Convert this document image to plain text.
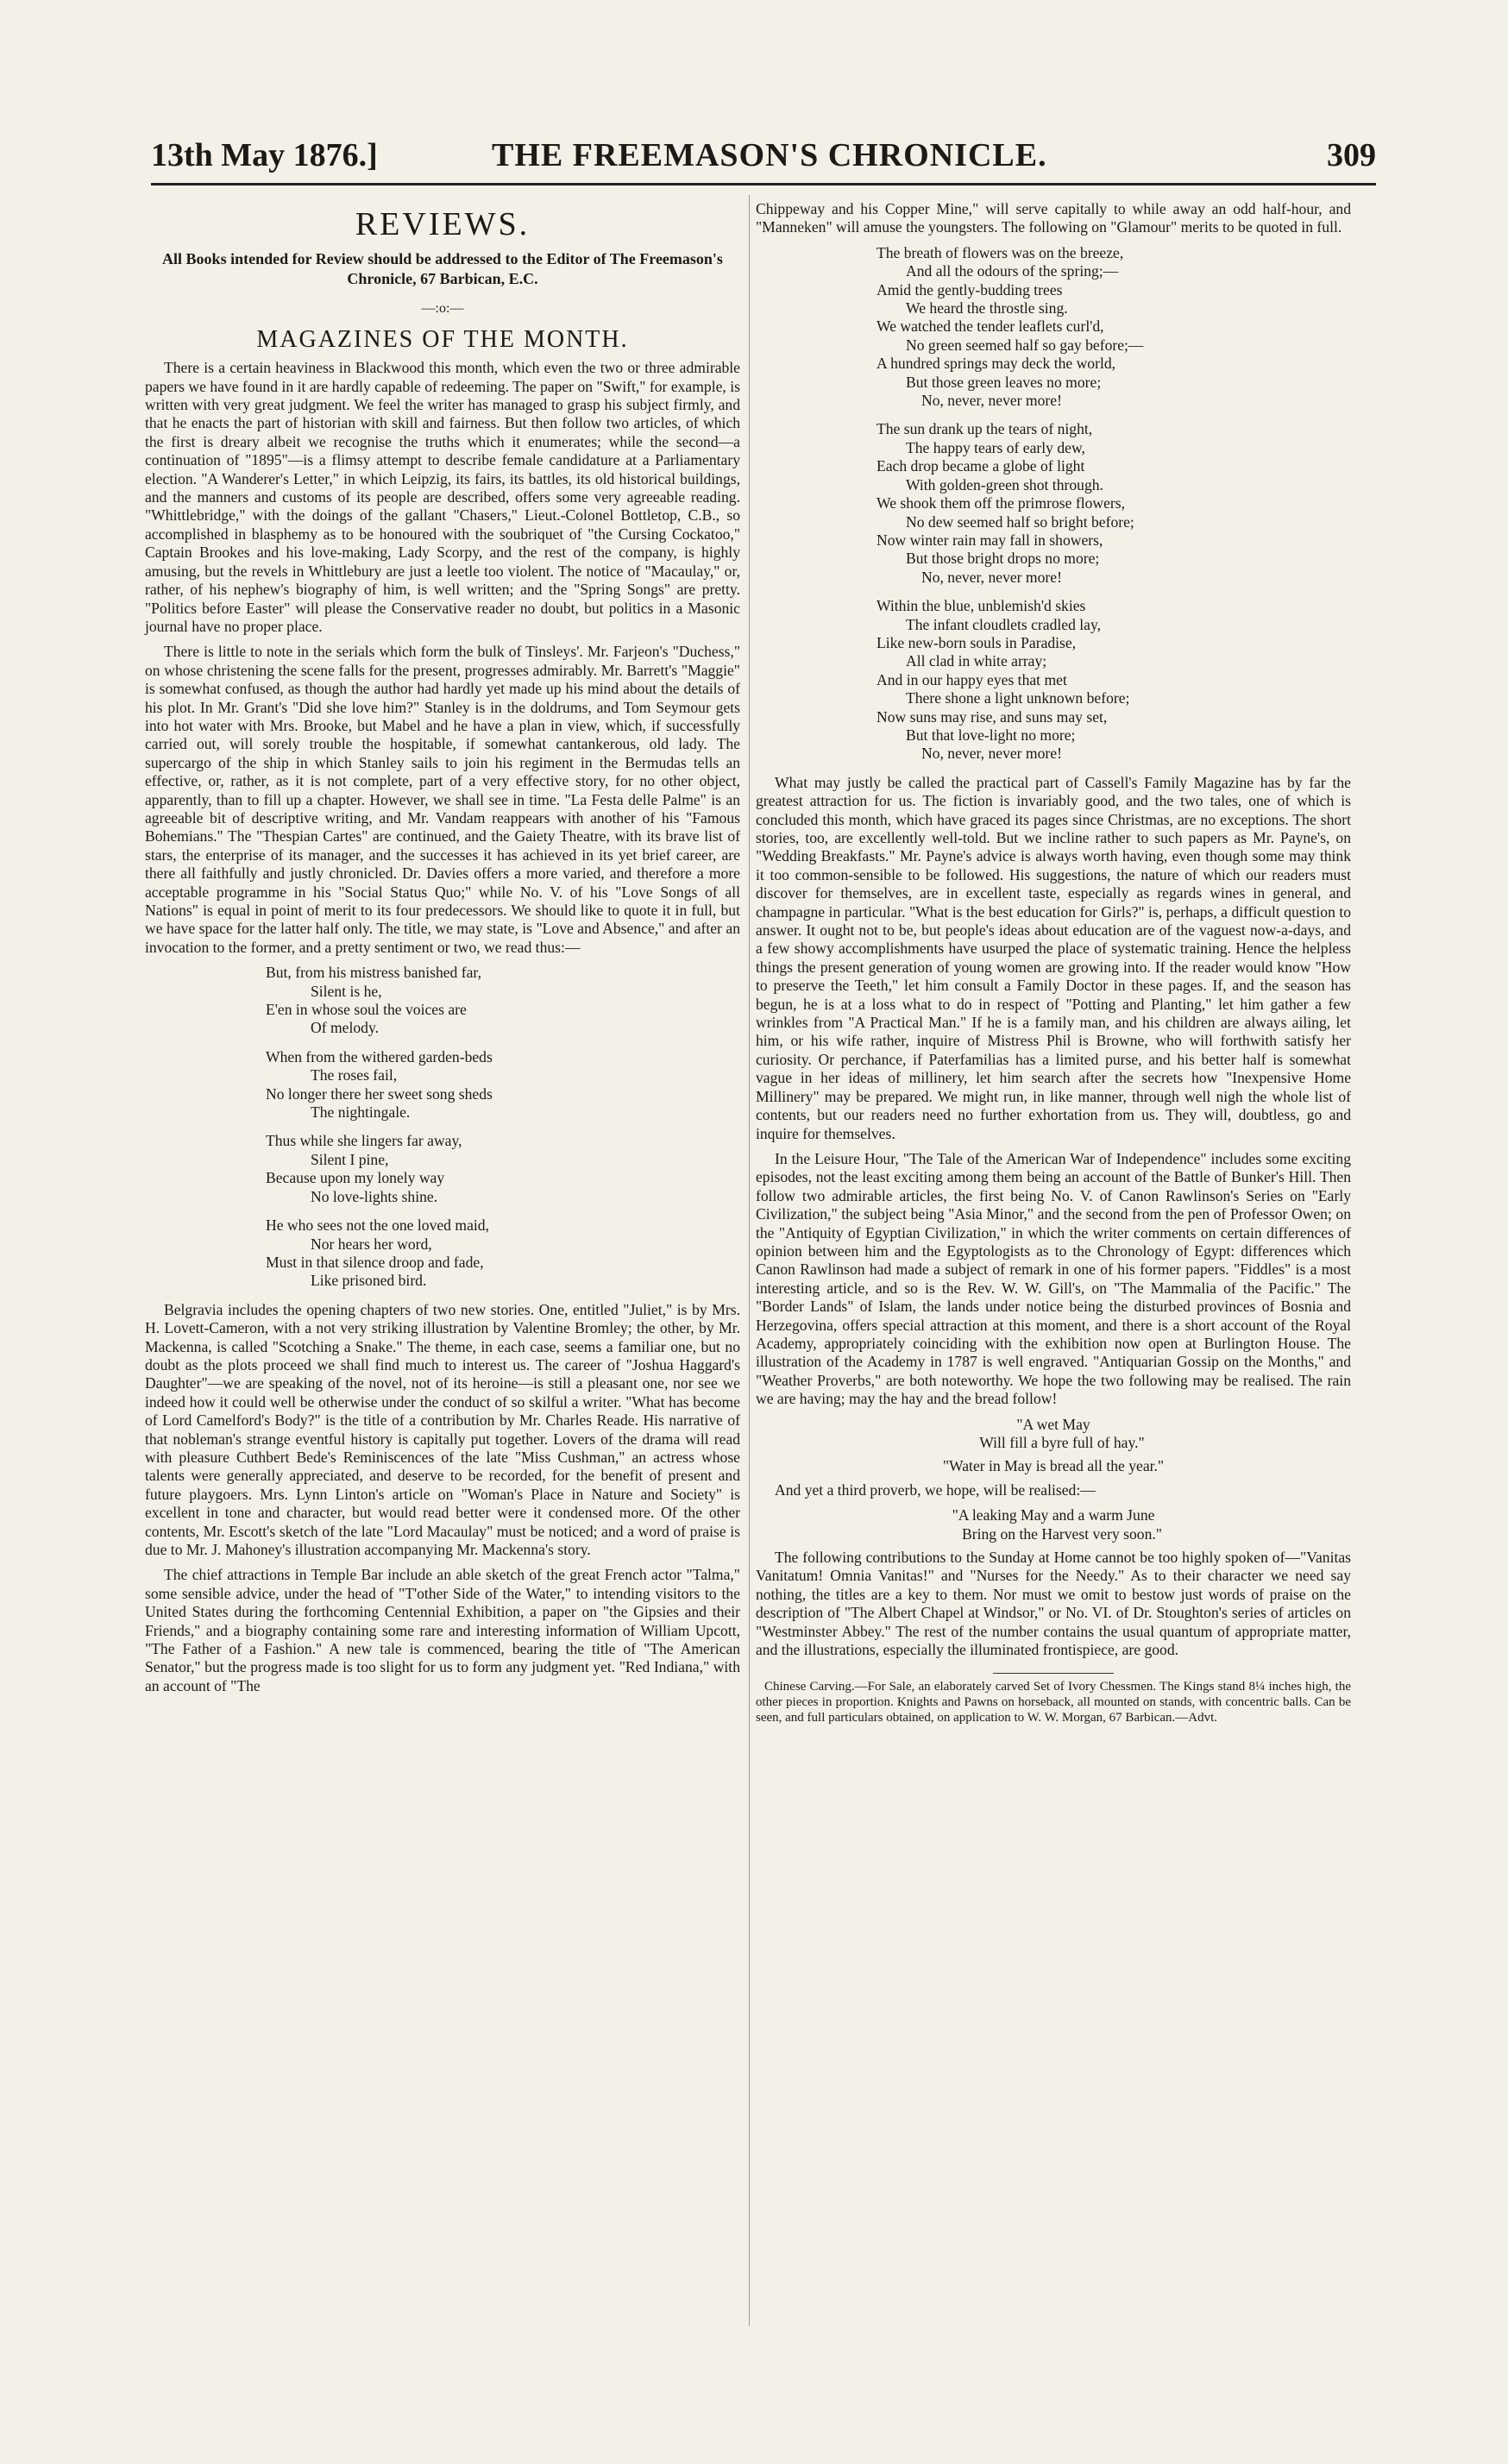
13th May 1876.]	THE FREEMASON'S CHRONICLE.	309
REVIEWS.
All Books intended for Review should be addressed to the Editor of The Freemason's Chronicle, 67 Barbican, E.C.
—:o:—
MAGAZINES OF THE MONTH.

There is a certain heaviness in Blackwood this month, which even the two or three admirable papers we have found in it are hardly capable of redeeming. The paper on "Swift," for example, is written with very great judgment. We feel the writer has managed to grasp his subject firmly, and that he enacts the part of historian with skill and fairness. But then follow two articles, of which the first is dreary albeit we recognise the truths which it enumerates; while the second—a continuation of "1895"—is a flimsy attempt to describe female candidature at a Parliamentary election. "A Wanderer's Letter," in which Leipzig, its fairs, its battles, its old historical buildings, and the manners and customs of its people are described, offers some very agreeable reading. "Whittlebridge," with the doings of the gallant "Chasers," Lieut.-Colonel Bottletop, C.B., so accomplished in blasphemy as to be honoured with the soubriquet of "the Cursing Cockatoo," Captain Brookes and his love-making, Lady Scorpy, and the rest of the company, is highly amusing, but the revels in Whittlebury are just a leetle too violent. The notice of "Macaulay," or, rather, of his nephew's biography of him, is well written; and the "Spring Songs" are pretty. "Politics before Easter" will please the Conservative reader no doubt, but politics in a Masonic journal have no proper place.

There is little to note in the serials which form the bulk of Tinsleys'. Mr. Farjeon's "Duchess," on whose christening the scene falls for the present, progresses admirably. Mr. Barrett's "Maggie" is somewhat confused, as though the author had hardly yet made up his mind about the details of his plot. In Mr. Grant's "Did she love him?" Stanley is in the doldrums, and Tom Seymour gets into hot water with Mrs. Brooke, but Mabel and he have a plan in view, which, if successfully carried out, will sorely trouble the hospitable, if somewhat cantankerous, old lady. The supercargo of the ship in which Stanley sails to join his regiment in the Bermudas tells an effective, or, rather, as it is not complete, part of a very effective story, for no other object, apparently, than to fill up a chapter. However, we shall see in time. "La Festa delle Palme" is an agreeable bit of descriptive writing, and Mr. Vandam reappears with another of his "Famous Bohemians." The "Thespian Cartes" are continued, and the Gaiety Theatre, with its brave list of stars, the enterprise of its manager, and the successes it has achieved in its yet brief career, are there all faithfully and justly chronicled. Dr. Davies offers a more varied, and therefore a more acceptable programme in his "Social Status Quo;" while No. V. of his "Love Songs of all Nations" is equal in point of merit to its four predecessors. We should like to quote it in full, but we have space for the latter half only. The title, we may state, is "Love and Absence," and after an invocation to the former, and a pretty sentiment or two, we read thus:—

But, from his mistress banished far,
Silent is he,
E'en in whose soul the voices are
Of melody.
When from the withered garden-beds
The roses fail,
No longer there her sweet song sheds
The nightingale.
Thus while she lingers far away,
Silent I pine,
Because upon my lonely way
No love-lights shine.
He who sees not the one loved maid,
Nor hears her word,
Must in that silence droop and fade,
Like prisoned bird.

Belgravia includes the opening chapters of two new stories. One, entitled "Juliet," is by Mrs. H. Lovett-Cameron, with a not very striking illustration by Valentine Bromley; the other, by Mr. Mackenna, is called "Scotching a Snake." The theme, in each case, seems a familiar one, but no doubt as the plots proceed we shall find much to interest us. The career of "Joshua Haggard's Daughter"—we are speaking of the novel, not of its heroine—is still a pleasant one, nor see we indeed how it could well be otherwise under the conduct of so skilful a writer. "What has become of Lord Camelford's Body?" is the title of a contribution by Mr. Charles Reade. His narrative of that nobleman's strange eventful history is capitally put together. Lovers of the drama will read with pleasure Cuthbert Bede's Reminiscences of the late "Miss Cushman," an actress whose talents were generally appreciated, and deserve to be recorded, for the benefit of present and future playgoers. Mrs. Lynn Linton's article on "Woman's Place in Nature and Society" is excellent in tone and character, but would read better were it condensed more. Of the other contents, Mr. Escott's sketch of the late "Lord Macaulay" must be noticed; and a word of praise is due to Mr. J. Mahoney's illustration accompanying Mr. Mackenna's story.

The chief attractions in Temple Bar include an able sketch of the great French actor "Talma," some sensible advice, under the head of "T'other Side of the Water," to intending visitors to the United States during the forthcoming Centennial Exhibition, a paper on "the Gipsies and their Friends," and a biography containing some rare and interesting information of William Upcott, "The Father of a Fashion." A new tale is commenced, bearing the title of "The American Senator," but the progress made is too slight for us to form any judgment yet. "Red Indiana," with an account of "The

Chippeway and his Copper Mine," will serve capitally to while away an odd half-hour, and "Manneken" will amuse the youngsters. The following on "Glamour" merits to be quoted in full.

The breath of flowers was on the breeze,
And all the odours of the spring;—
Amid the gently-budding trees
We heard the throstle sing.
We watched the tender leaflets curl'd,
No green seemed half so gay before;—
A hundred springs may deck the world,
But those green leaves no more;
No, never, never more!
The sun drank up the tears of night,
The happy tears of early dew,
Each drop became a globe of light
With golden-green shot through.
We shook them off the primrose flowers,
No dew seemed half so bright before;
Now winter rain may fall in showers,
But those bright drops no more;
No, never, never more!
Within the blue, unblemish'd skies
The infant cloudlets cradled lay,
Like new-born souls in Paradise,
All clad in white array;
And in our happy eyes that met
There shone a light unknown before;
Now suns may rise, and suns may set,
But that love-light no more;
No, never, never more!

What may justly be called the practical part of Cassell's Family Magazine has by far the greatest attraction for us. The fiction is invariably good, and the two tales, one of which is concluded this month, which have graced its pages since Christmas, are no exceptions. The short stories, too, are excellently well-told. But we incline rather to such papers as Mr. Payne's, on "Wedding Breakfasts." Mr. Payne's advice is always worth having, even though some may think it too common-sensible to be followed. His suggestions, the nature of which our readers must discover for themselves, are in excellent taste, especially as regards wines in general, and champagne in particular. "What is the best education for Girls?" is, perhaps, a difficult question to answer. It ought not to be, but people's ideas about education are of the vaguest now-a-days, and a few showy accomplishments have usurped the place of systematic training. Hence the helpless things the present generation of young women are growing into. If the reader would know "How to preserve the Teeth," let him consult a Family Doctor in these pages. If, and the season has begun, he is at a loss what to do in respect of "Potting and Planting," let him gather a few wrinkles from "A Practical Man." If he is a family man, and his children are always ailing, let him, or his wife rather, inquire of Mistress Phil is Browne, who will forthwith satisfy her curiosity. Or perchance, if Paterfamilias has a limited purse, and his better half is somewhat vague in her ideas of millinery, let him search after the secrets how "Inexpensive Home Millinery" may be prepared. We might run, in like manner, through well nigh the whole list of contents, but our readers need no further exhortation from us. They will, doubtless, go and inquire for themselves.

In the Leisure Hour, "The Tale of the American War of Independence" includes some exciting episodes, not the least exciting among them being an account of the Battle of Bunker's Hill. Then follow two admirable articles, the first being No. V. of Canon Rawlinson's Series on "Early Civilization," the subject being "Asia Minor," and the second from the pen of Professor Owen; on the "Antiquity of Egyptian Civilization," in which the writer comments on certain differences of opinion between him and the Egyptologists as to the Chronology of Egypt: differences which Canon Rawlinson had made a subject of remark in one of his former papers. "Fiddles" is a most interesting article, and so is the Rev. W. W. Gill's, on "The Mammalia of the Pacific." The "Border Lands" of Islam, the lands under notice being the disturbed provinces of Bosnia and Herzegovina, offers special attraction at this moment, and there is a short account of the Royal Academy, appropriately coinciding with the exhibition now open at Burlington House. The illustration of the Academy in 1787 is well engraved. "Antiquarian Gossip on the Months," and "Weather Proverbs," are both noteworthy. We hope the two following may be realised. The rain we are having; may the hay and the bread follow!

"A wet May
Will fill a byre full of hay."
"Water in May is bread all the year."

And yet a third proverb, we hope, will be realised:—

"A leaking May and a warm June
Bring on the Harvest very soon."

The following contributions to the Sunday at Home cannot be too highly spoken of—"Vanitas Vanitatum! Omnia Vanitas!" and "Nurses for the Needy." As to their character we need say nothing, the titles are a key to them. Nor must we omit to bestow just words of praise on the description of "The Albert Chapel at Windsor," or No. VI. of Dr. Stoughton's series of articles on "Westminster Abbey." The rest of the number contains the usual quantum of appropriate matter, and the illustrations, especially the illuminated frontispiece, are good.

Chinese Carving.—For Sale, an elaborately carved Set of Ivory Chessmen. The Kings stand 8¼ inches high, the other pieces in proportion. Knights and Pawns on horseback, all mounted on stands, with concentric balls. Can be seen, and full particulars obtained, on application to W. W. Morgan, 67 Barbican.—Advt.
